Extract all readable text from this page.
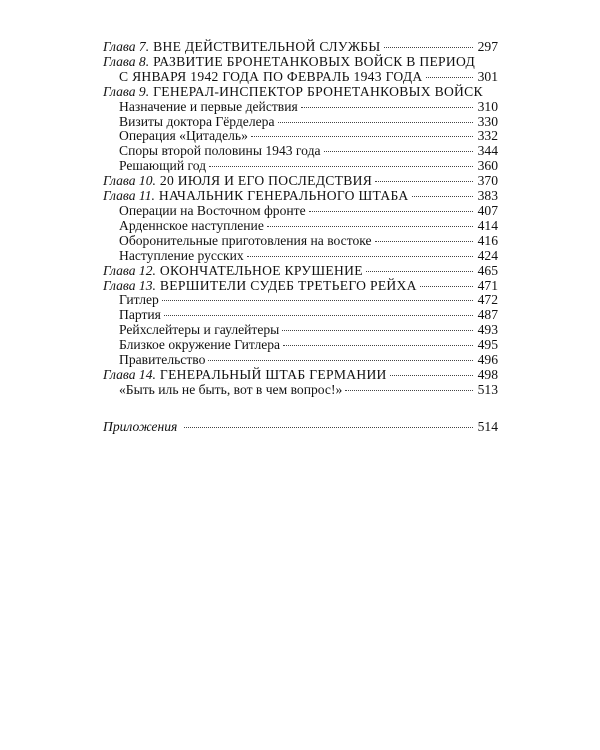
Глава 7. ВНЕ ДЕЙСТВИТЕЛЬНОЙ СЛУЖБЫ	297
Глава 8. РАЗВИТИЕ БРОНЕТАНКОВЫХ ВОЙСК В ПЕРИОД
С ЯНВАРЯ 1942 ГОДА ПО ФЕВРАЛЬ 1943 ГОДА	301
Глава 9. ГЕНЕРАЛ-ИНСПЕКТОР БРОНЕТАНКОВЫХ ВОЙСК
Назначение и первые действия	310
Визиты доктора Гёрделера	330
Операция «Цитадель»	332
Споры второй половины 1943 года	344
Решающий год	360
Глава 10. 20 ИЮЛЯ И ЕГО ПОСЛЕДСТВИЯ	370
Глава 11. НАЧАЛЬНИК ГЕНЕРАЛЬНОГО ШТАБА	383
Операции на Восточном фронте	407
Арденнское наступление	414
Оборонительные приготовления на востоке	416
Наступление русских	424
Глава 12. ОКОНЧАТЕЛЬНОЕ КРУШЕНИЕ	465
Глава 13. ВЕРШИТЕЛИ СУДЕБ ТРЕТЬЕГО РЕЙХА	471
Гитлер	472
Партия	487
Рейхслейтеры и гаулейтеры	493
Близкое окружение Гитлера	495
Правительство	496
Глава 14. ГЕНЕРАЛЬНЫЙ ШТАБ ГЕРМАНИИ	498
«Быть иль не быть, вот в чем вопрос!»	513
Приложения	514
